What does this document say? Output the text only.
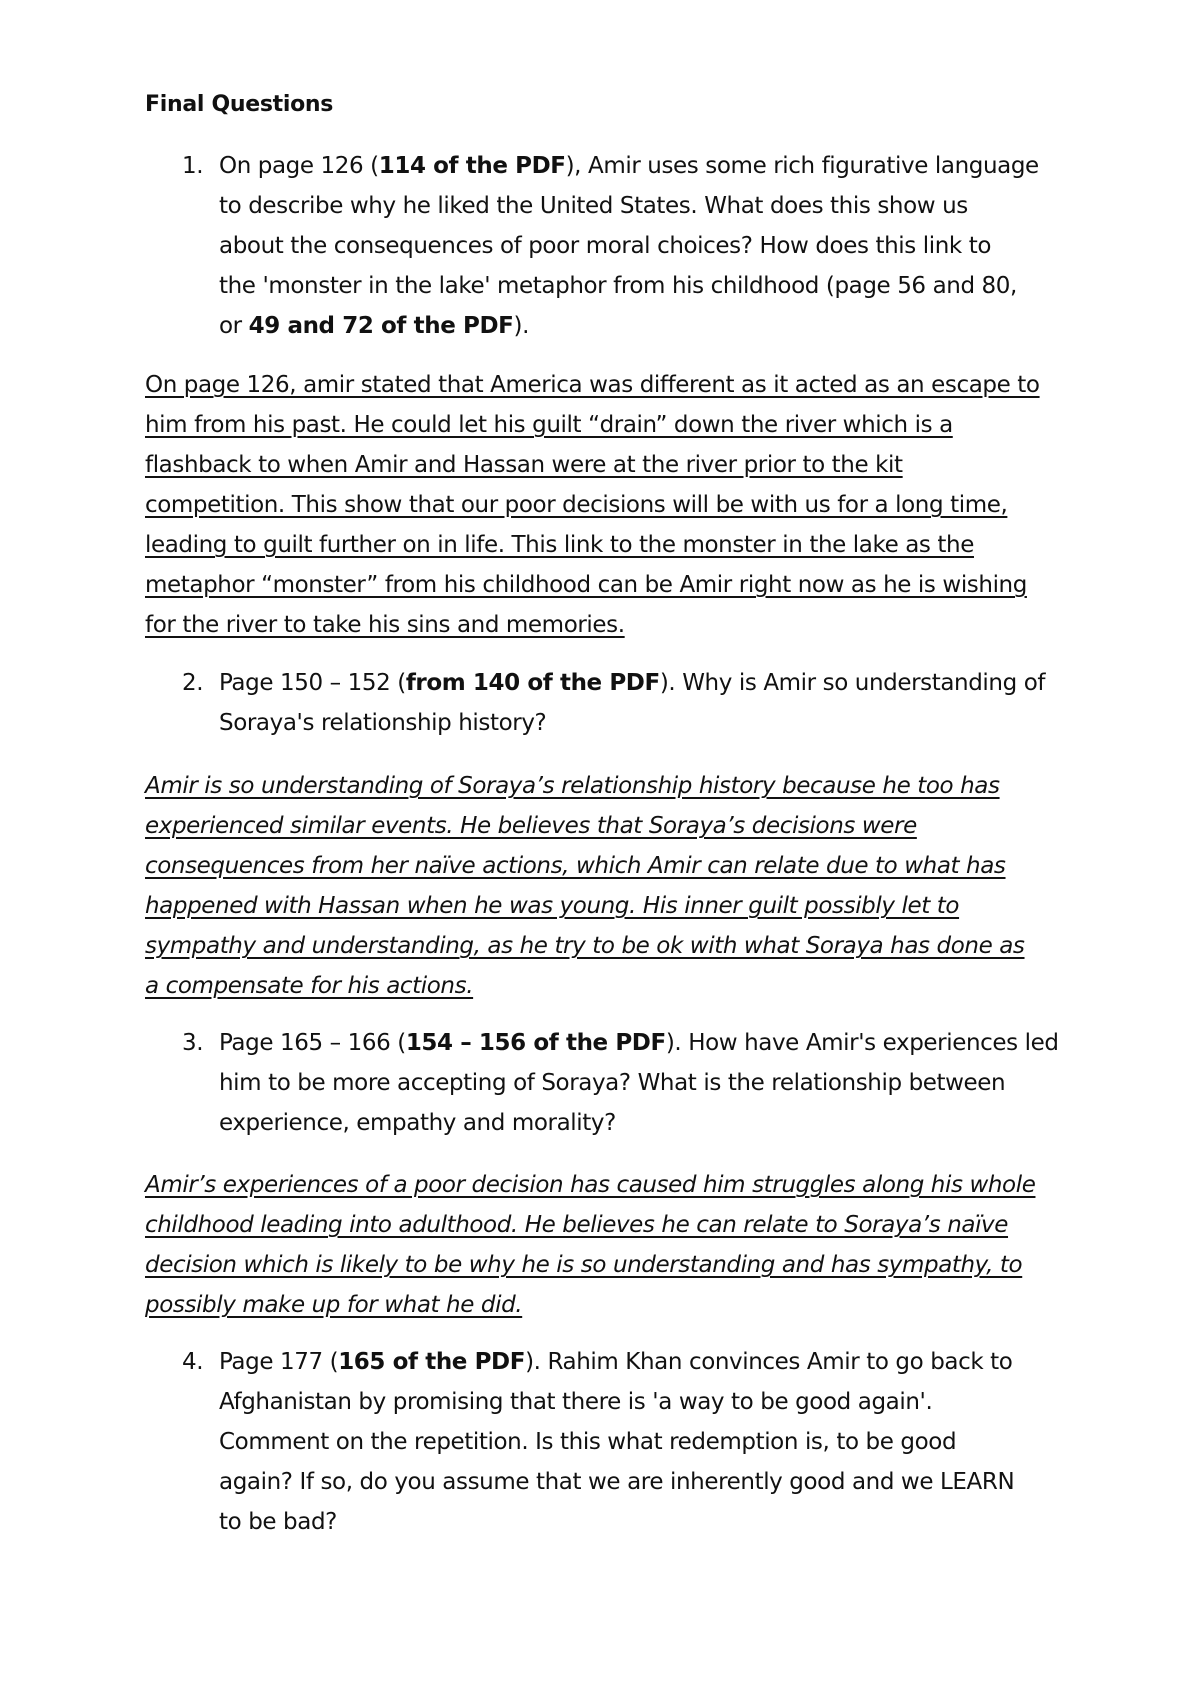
Final Questions
1. On page 126 (114 of the PDF), Amir uses some rich figurative language
to describe why he liked the United States. What does this show us
about the consequences of poor moral choices? How does this link to
the 'monster in the lake' metaphor from his childhood (page 56 and 80,
or 49 and 72 of the PDF).
On page 126, amir stated that America was different as it acted as an escape to
him from his past. He could let his guilt “drain” down the river which is a
flashback to when Amir and Hassan were at the river prior to the kit
competition. This show that our poor decisions will be with us for a long time,
leading to guilt further on in life. This link to the monster in the lake as the
metaphor “monster” from his childhood can be Amir right now as he is wishing
for the river to take his sins and memories.
2. Page 150 – 152 (from 140 of the PDF). Why is Amir so understanding of
Soraya's relationship history?
Amir is so understanding of Soraya’s relationship history because he too has
experienced similar events. He believes that Soraya’s decisions were
consequences from her naïve actions, which Amir can relate due to what has
happened with Hassan when he was young. His inner guilt possibly let to
sympathy and understanding, as he try to be ok with what Soraya has done as
a compensate for his actions.
3. Page 165 – 166 (154 – 156 of the PDF). How have Amir's experiences led
him to be more accepting of Soraya? What is the relationship between
experience, empathy and morality?
Amir’s experiences of a poor decision has caused him struggles along his whole
childhood leading into adulthood. He believes he can relate to Soraya’s naïve
decision which is likely to be why he is so understanding and has sympathy, to
possibly make up for what he did.
4. Page 177 (165 of the PDF). Rahim Khan convinces Amir to go back to
Afghanistan by promising that there is 'a way to be good again'.
Comment on the repetition. Is this what redemption is, to be good
again? If so, do you assume that we are inherently good and we LEARN
to be bad?
